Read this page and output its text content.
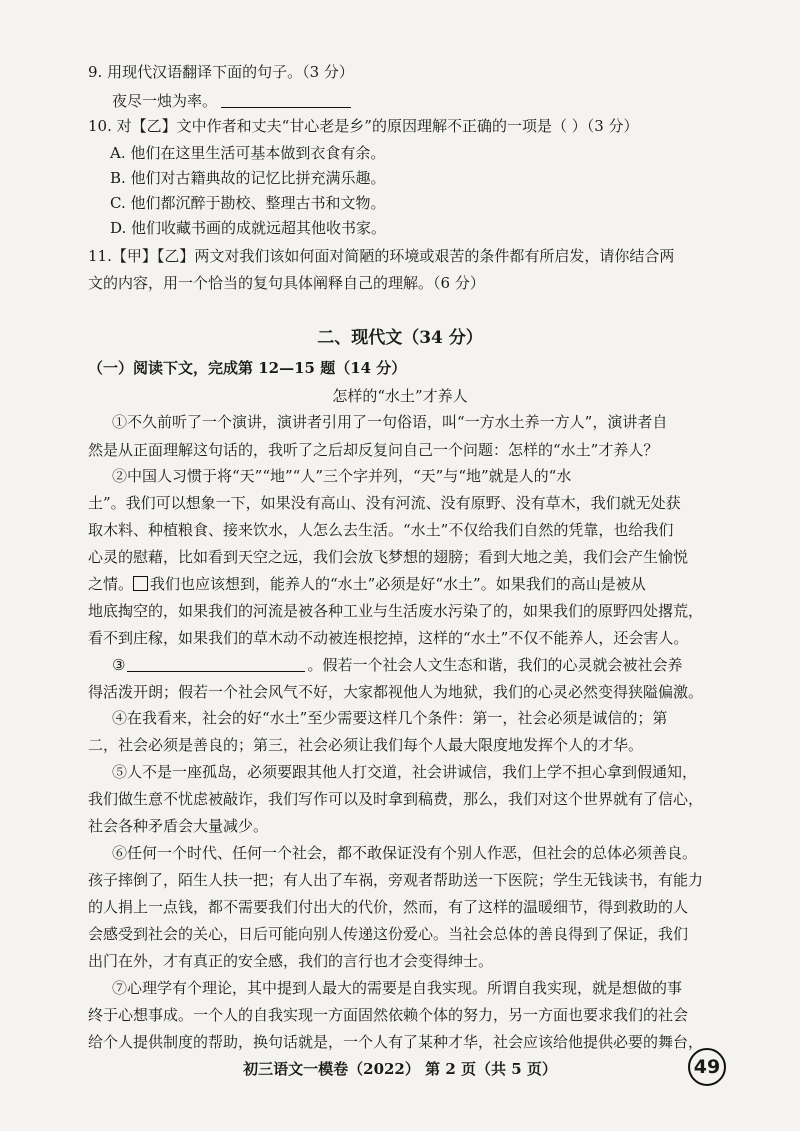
9. 用现代汉语翻译下面的句子。（3 分）
夜尽一烛为率。
10. 对【乙】文中作者和丈夫“甘心老是乡”的原因理解不正确的一项是（ ）（3 分）
A. 他们在这里生活可基本做到衣食有余。
B. 他们对古籍典故的记忆比拼充满乐趣。
C. 他们都沉醉于勘校、整理古书和文物。
D. 他们收藏书画的成就远超其他收书家。
11.【甲】【乙】两文对我们该如何面对简陋的环境或艰苦的条件都有所启发，请你结合两
文的内容，用一个恰当的复句具体阐释自己的理解。（6 分）
二、现代文（34 分）
（一）阅读下文，完成第 12—15 题（14 分）
怎样的“水土”才养人
①不久前听了一个演讲，演讲者引用了一句俗语，叫“一方水土养一方人”，演讲者自
然是从正面理解这句话的，我听了之后却反复问自己一个问题：怎样的“水土”才养人？
②中国人习惯于将“天”“地”“人”三个字并列，“天”与“地”就是人的“水
土”。我们可以想象一下，如果没有高山、没有河流、没有原野、没有草木，我们就无处获
取木料、种植粮食、接来饮水，人怎么去生活。“水土”不仅给我们自然的凭靠，也给我们
心灵的慰藉，比如看到天空之远，我们会放飞梦想的翅膀；看到大地之美，我们会产生愉悦
之情。 我们也应该想到，能养人的“水土”必须是好“水土”。如果我们的高山是被从
地底掏空的，如果我们的河流是被各种工业与生活废水污染了的，如果我们的原野四处撂荒，
看不到庄稼，如果我们的草木动不动被连根挖掉，这样的“水土”不仅不能养人，还会害人。
③	。假若一个社会人文生态和谐，我们的心灵就会被社会养
得活泼开朗；假若一个社会风气不好，大家都视他人为地狱，我们的心灵必然变得狭隘偏激。
④在我看来，社会的好“水土”至少需要这样几个条件：第一，社会必须是诚信的；第
二，社会必须是善良的；第三，社会必须让我们每个人最大限度地发挥个人的才华。
⑤人不是一座孤岛，必须要跟其他人打交道，社会讲诚信，我们上学不担心拿到假通知，
我们做生意不忧虑被敲诈，我们写作可以及时拿到稿费，那么，我们对这个世界就有了信心，
社会各种矛盾会大量减少。
⑥任何一个时代、任何一个社会，都不敢保证没有个别人作恶，但社会的总体必须善良。
孩子摔倒了，陌生人扶一把；有人出了车祸，旁观者帮助送一下医院；学生无钱读书，有能力
的人捐上一点钱，都不需要我们付出大的代价，然而，有了这样的温暖细节，得到救助的人
会感受到社会的关心，日后可能向别人传递这份爱心。当社会总体的善良得到了保证，我们
出门在外，才有真正的安全感，我们的言行也才会变得绅士。
⑦心理学有个理论，其中提到人最大的需要是自我实现。所谓自我实现，就是想做的事
终于心想事成。一个人的自我实现一方面固然依赖个体的努力，另一方面也要求我们的社会
给个人提供制度的帮助，换句话就是，一个人有了某种才华，社会应该给他提供必要的舞台，
初三语文一模卷（2022） 第 2 页（共 5 页）	49
